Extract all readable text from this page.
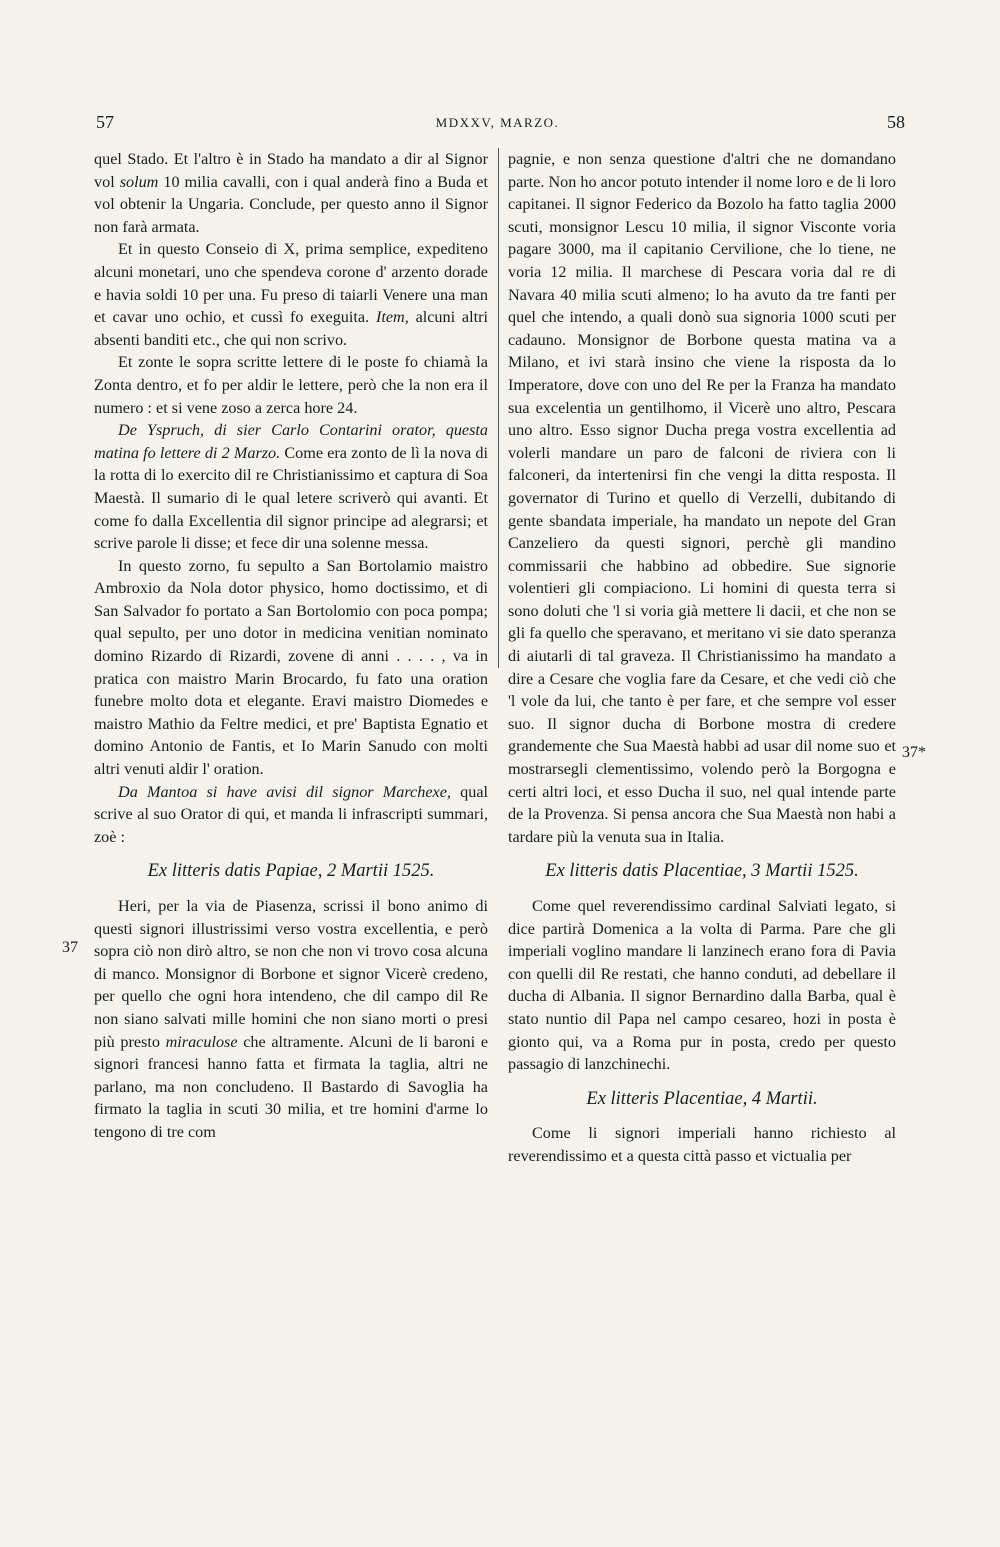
57	MDXXV, MARZO.	58

quel Stado. Et l'altro è in Stado ha mandato a dir al Signor vol solum 10 milia cavalli, con i qual anderà fino a Buda et vol obtenir la Ungaria. Conclude, per questo anno il Signor non farà armata.

Et in questo Conseio di X, prima semplice, expediteno alcuni monetari, uno che spendeva corone d' arzento dorade e havia soldi 10 per una. Fu preso di taiarli Venere una man et cavar uno ochio, et cussì fo exeguita. Item, alcuni altri absenti banditi etc., che qui non scrivo.

Et zonte le sopra scritte lettere di le poste fo chiamà la Zonta dentro, et fo per aldir le lettere, però che la non era il numero : et si vene zoso a zerca hore 24.

De Yspruch, di sier Carlo Contarini orator, questa matina fo lettere di 2 Marzo. Come era zonto de lì la nova di la rotta di lo exercito dil re Christianissimo et captura di Soa Maestà. Il sumario di le qual letere scriverò qui avanti. Et come fo dalla Excellentia dil signor principe ad alegrarsi; et scrive parole li disse; et fece dir una solenne messa.

In questo zorno, fu sepulto a San Bortolamio maistro Ambroxio da Nola dotor physico, homo doctissimo, et di San Salvador fo portato a San Bortolomio con poca pompa; qual sepulto, per uno dotor in medicina venitian nominato domino Rizardo di Rizardi, zovene di anni . . . . , va in pratica con maistro Marin Brocardo, fu fato una oration funebre molto dota et elegante. Eravi maistro Diomedes e maistro Mathio da Feltre medici, et pre' Baptista Egnatio et domino Antonio de Fantis, et Io Marin Sanudo con molti altri venuti aldir l' oration.

Da Mantoa si have avisi dil signor Marchexe, qual scrive al suo Orator di qui, et manda li infrascripti summari, zoè :

Ex litteris datis Papiae, 2 Martii 1525.

Heri, per la via de Piasenza, scrissi il bono animo di questi signori illustrissimi verso vostra excellentia, e però sopra ciò non dirò altro, se non che non vi trovo cosa alcuna di manco. Monsignor di Borbone et signor Vicerè credeno, per quello che ogni hora intendeno, che dil campo dil Re non siano salvati mille homini che non siano morti o presi più presto miraculose che altramente. Alcuni de li baroni e signori francesi hanno fatta et firmata la taglia, altri ne parlano, ma non concludeno. Il Bastardo di Savoglia ha firmato la taglia in scuti 30 milia, et tre homini d'arme lo tengono di tre com

pagnie, e non senza questione d'altri che ne domandano parte. Non ho ancor potuto intender il nome loro e de li loro capitanei. Il signor Federico da Bozolo ha fatto taglia 2000 scuti, monsignor Lescu 10 milia, il signor Visconte voria pagare 3000, ma il capitanio Cervilione, che lo tiene, ne voria 12 milia. Il marchese di Pescara voria dal re di Navara 40 milia scuti almeno; lo ha avuto da tre fanti per quel che intendo, a quali donò sua signoria 1000 scuti per cadauno. Monsignor de Borbone questa matina va a Milano, et ivi starà insino che viene la risposta da lo Imperatore, dove con uno del Re per la Franza ha mandato sua excelentia un gentilhomo, il Vicerè uno altro, Pescara uno altro. Esso signor Ducha prega vostra excellentia ad volerli mandare un paro de falconi de riviera con li falconeri, da intertenirsi fin che vengi la ditta resposta. Il governator di Turino et quello di Verzelli, dubitando di gente sbandata imperiale, ha mandato un nepote del Gran Canzeliero da questi signori, perchè gli mandino commissarii che habbino ad obbedire. Sue signorie volentieri gli compiaciono. Li homini di questa terra si sono doluti che 'l si voria già mettere li dacii, et che non se gli fa quello che speravano, et meritano vi sie dato speranza di aiutarli di tal graveza. Il Christianissimo ha mandato a dire a Cesare che voglia fare da Cesare, et che vedi ciò che 'l vole da lui, che tanto è per fare, et che sempre vol esser suo. Il signor ducha di Borbone mostra di credere grandemente che Sua Maestà habbi ad usar dil nome suo et mostrarsegli clementissimo, volendo però la Borgogna e certi altri loci, et esso Ducha il suo, nel qual intende parte de la Provenza. Si pensa ancora che Sua Maestà non habi a tardare più la venuta sua in Italia.

Ex litteris datis Placentiae, 3 Martii 1525.

Come quel reverendissimo cardinal Salviati legato, si dice partirà Domenica a la volta di Parma. Pare che gli imperiali voglino mandare li lanzinech erano fora di Pavia con quelli dil Re restati, che hanno conduti, ad debellare il ducha di Albania. Il signor Bernardino dalla Barba, qual è stato nuntio dil Papa nel campo cesareo, hozi in posta è gionto qui, va a Roma pur in posta, credo per questo passagio di lanzchinechi.

Ex litteris Placentiae, 4 Martii.

Come li signori imperiali hanno richiesto al reverendissimo et a questa città passo et victualia per

37
37*
